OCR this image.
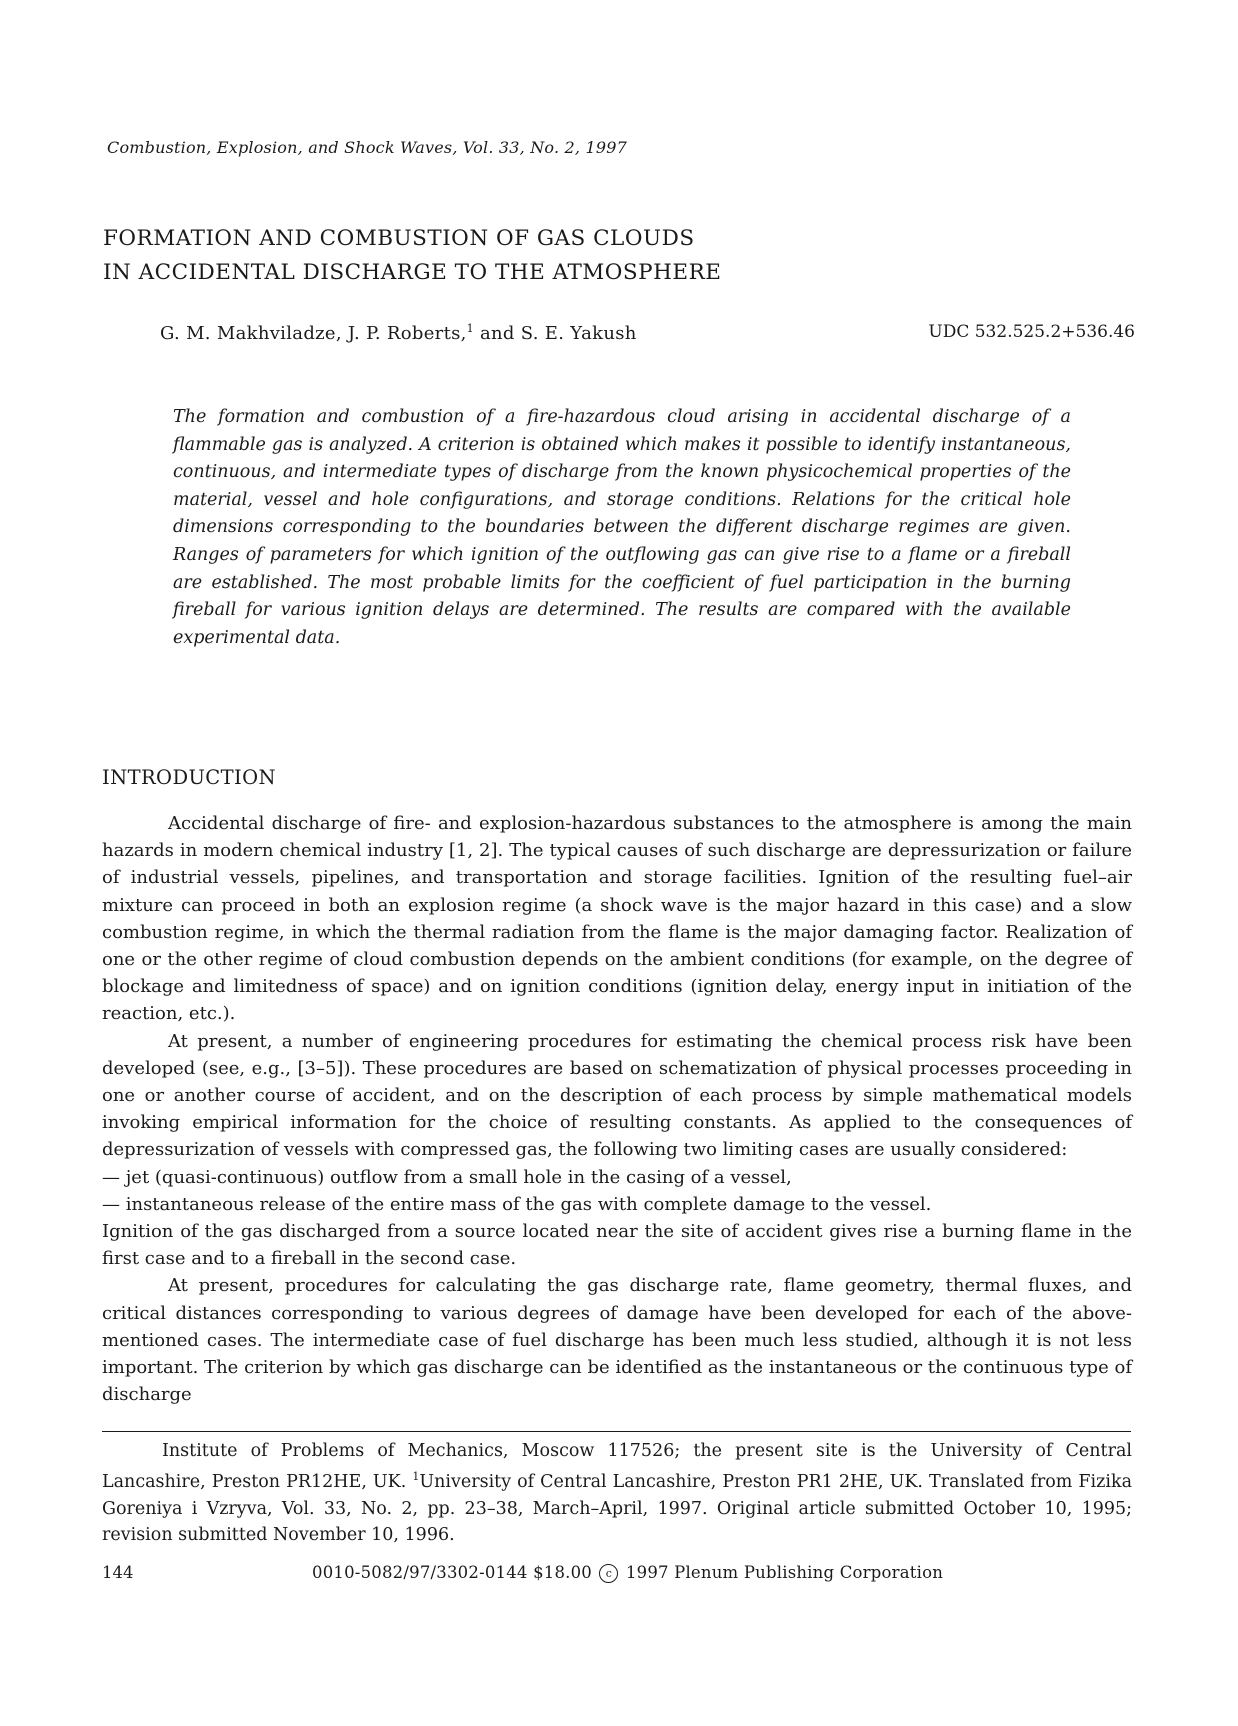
Combustion, Explosion, and Shock Waves, Vol. 33, No. 2, 1997
FORMATION AND COMBUSTION OF GAS CLOUDS
IN ACCIDENTAL DISCHARGE TO THE ATMOSPHERE
G. M. Makhviladze, J. P. Roberts,$^1$ and S. E. Yakush	UDC 532.525.2+536.46
The formation and combustion of a fire-hazardous cloud arising in accidental discharge of a flammable gas is analyzed. A criterion is obtained which makes it possible to identify instantaneous, continuous, and intermediate types of discharge from the known physicochemical properties of the material, vessel and hole configurations, and storage conditions. Relations for the critical hole dimensions corresponding to the boundaries between the different discharge regimes are given. Ranges of parameters for which ignition of the outflowing gas can give rise to a flame or a fireball are established. The most probable limits for the coefficient of fuel participation in the burning fireball for various ignition delays are determined. The results are compared with the available experimental data.
INTRODUCTION

Accidental discharge of fire- and explosion-hazardous substances to the atmosphere is among the main hazards in modern chemical industry [1, 2]. The typical causes of such discharge are depressurization or failure of industrial vessels, pipelines, and transportation and storage facilities. Ignition of the resulting fuel–air mixture can proceed in both an explosion regime (a shock wave is the major hazard in this case) and a slow combustion regime, in which the thermal radiation from the flame is the major damaging factor. Realization of one or the other regime of cloud combustion depends on the ambient conditions (for example, on the degree of blockage and limitedness of space) and on ignition conditions (ignition delay, energy input in initiation of the reaction, etc.).

At present, a number of engineering procedures for estimating the chemical process risk have been developed (see, e.g., [3–5]). These procedures are based on schematization of physical processes proceeding in one or another course of accident, and on the description of each process by simple mathematical models invoking empirical information for the choice of resulting constants. As applied to the consequences of depressurization of vessels with compressed gas, the following two limiting cases are usually considered:

— jet (quasi-continuous) outflow from a small hole in the casing of a vessel,

— instantaneous release of the entire mass of the gas with complete damage to the vessel.

Ignition of the gas discharged from a source located near the site of accident gives rise a burning flame in the first case and to a fireball in the second case.

At present, procedures for calculating the gas discharge rate, flame geometry, thermal fluxes, and critical distances corresponding to various degrees of damage have been developed for each of the above-mentioned cases. The intermediate case of fuel discharge has been much less studied, although it is not less important. The criterion by which gas discharge can be identified as the instantaneous or the continuous type of discharge

Institute of Problems of Mechanics, Moscow 117526; the present site is the University of Central Lancashire, Preston PR12HE, UK. $^1$University of Central Lancashire, Preston PR1 2HE, UK. Translated from Fizika Goreniya i Vzryva, Vol. 33, No. 2, pp. 23–38, March–April, 1997. Original article submitted October 10, 1995; revision submitted November 10, 1996.
144	0010-5082/97/3302-0144 $18.00 c 1997 Plenum Publishing Corporation
